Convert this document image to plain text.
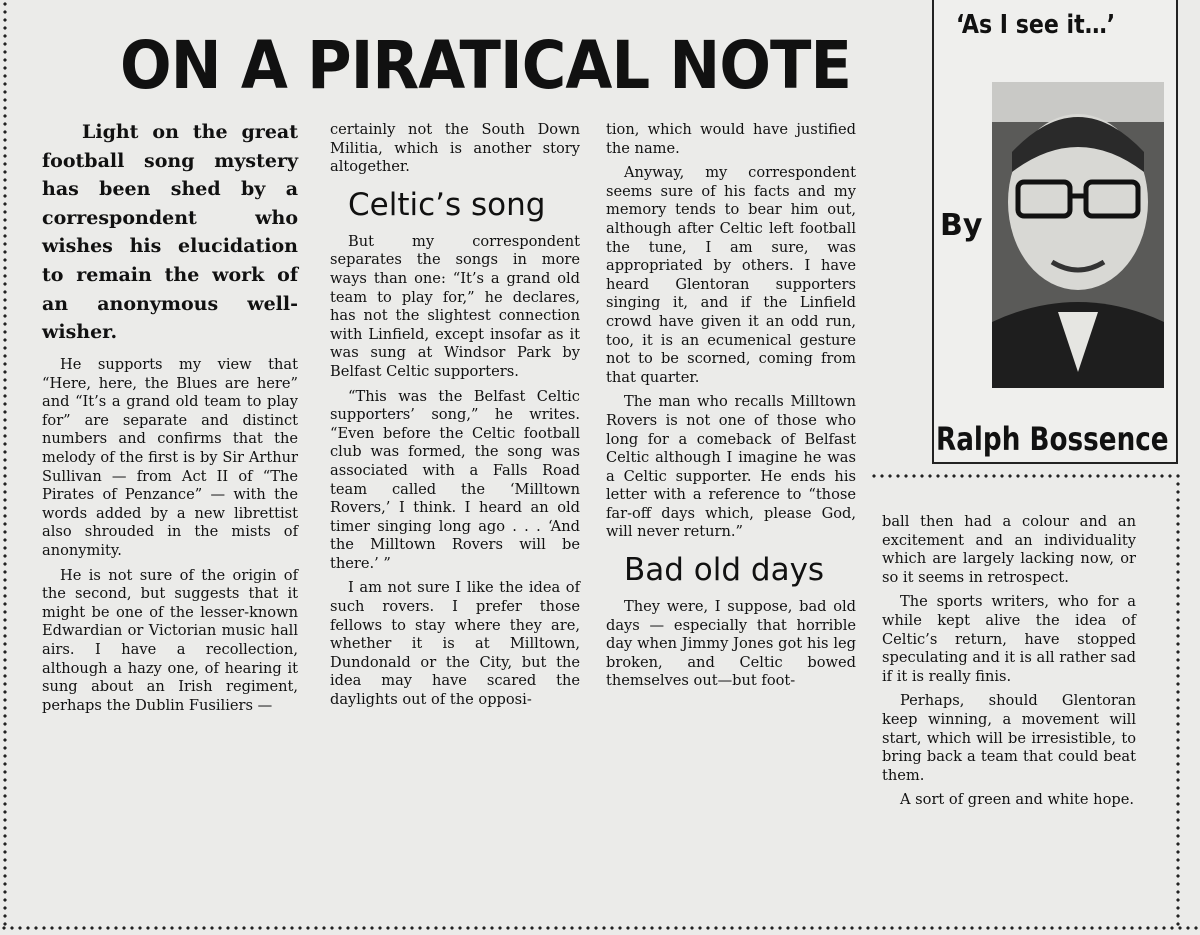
ON A PIRATICAL NOTE
‘As I see it…’
By
Ralph Bossence

Light on the great football song mystery has been shed by a correspondent who wishes his elucidation to remain the work of an anonymous well-wisher.

He supports my view that “Here, here, the Blues are here” and “It’s a grand old team to play for” are separate and distinct numbers and confirms that the melody of the first is by Sir Arthur Sullivan — from Act II of “The Pirates of Penzance” — with the words added by a new librettist also shrouded in the mists of anonymity.

He is not sure of the origin of the second, but suggests that it might be one of the lesser-known Edwardian or Victorian music hall airs. I have a recollection, although a hazy one, of hearing it sung about an Irish regiment, perhaps the Dublin Fusiliers —

certainly not the South Down Militia, which is another story altogether.

Celtic’s song

But my correspondent separates the songs in more ways than one: “It’s a grand old team to play for,” he declares, has not the slightest connection with Linfield, except insofar as it was sung at Windsor Park by Belfast Celtic supporters.

“This was the Belfast Celtic supporters’ song,” he writes. “Even before the Celtic football club was formed, the song was associated with a Falls Road team called the ‘Milltown Rovers,’ I think. I heard an old timer singing long ago . . . ‘And the Milltown Rovers will be there.’ ”

I am not sure I like the idea of such rovers. I prefer those fellows to stay where they are, whether it is at Milltown, Dundonald or the City, but the idea may have scared the daylights out of the opposi-

tion, which would have justified the name.

Anyway, my correspondent seems sure of his facts and my memory tends to bear him out, although after Celtic left football the tune, I am sure, was appropriated by others. I have heard Glentoran supporters singing it, and if the Linfield crowd have given it an odd run, too, it is an ecumenical gesture not to be scorned, coming from that quarter.

The man who recalls Milltown Rovers is not one of those who long for a comeback of Belfast Celtic although I imagine he was a Celtic supporter. He ends his letter with a reference to “those far-off days which, please God, will never return.”

Bad old days

They were, I suppose, bad old days — especially that horrible day when Jimmy Jones got his leg broken, and Celtic bowed themselves out—but foot-

ball then had a colour and an excitement and an individuality which are largely lacking now, or so it seems in retrospect.

The sports writers, who for a while kept alive the idea of Celtic’s return, have stopped speculating and it is all rather sad if it is really finis.

Perhaps, should Glentoran keep winning, a movement will start, which will be irresistible, to bring back a team that could beat them.

A sort of green and white hope.
